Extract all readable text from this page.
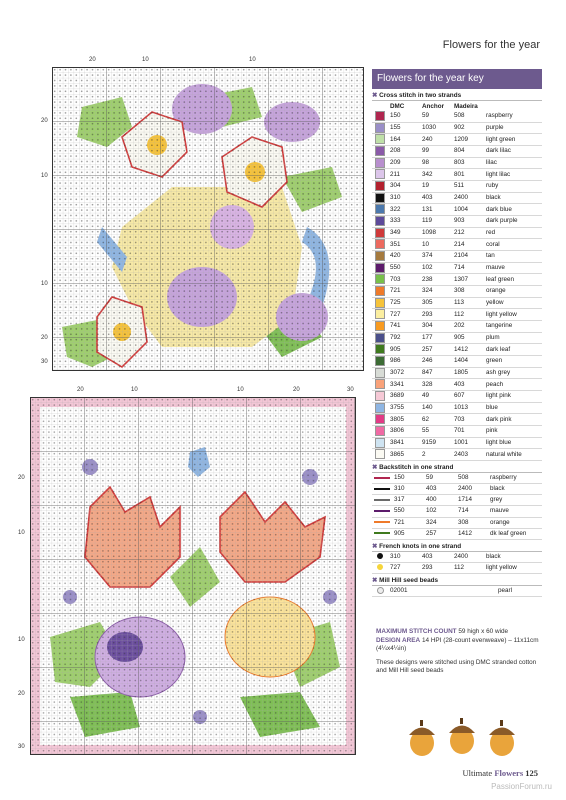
Flowers for the year
20	10	10
20
10
10
20
30
20	10	10	20	30
20
10
10
20
30
Flowers for the year key
✖ Cross stitch in two strands
	DMC	Anchor	Madeira	
	150	59	508	raspberry
	155	1030	902	purple
	164	240	1209	light green
	208	99	804	dark lilac
	209	98	803	lilac
	211	342	801	light lilac
	304	19	511	ruby
	310	403	2400	black
	322	131	1004	dark blue
	333	119	903	dark purple
	349	1098	212	red
	351	10	214	coral
	420	374	2104	tan
	550	102	714	mauve
	703	238	1307	leaf green
	721	324	308	orange
	725	305	113	yellow
	727	293	112	light yellow
	741	304	202	tangerine
	792	177	905	plum
	905	257	1412	dark leaf
	986	246	1404	green
	3072	847	1805	ash grey
	3341	328	403	peach
	3689	49	607	light pink
	3755	140	1013	blue
	3805	62	703	dark pink
	3806	55	701	pink
	3841	9159	1001	light blue
	3865	2	2403	natural white
✖ Backstitch in one strand
	150	59	508	raspberry
	310	403	2400	black
	317	400	1714	grey
	550	102	714	mauve
	721	324	308	orange
	905	257	1412	dk leaf green
✖ French knots in one strand
	310	403	2400	black
	727	293	112	light yellow
✖ Mill Hill seed beads
	02001			pearl
MAXIMUM STITCH COUNT 59 high x 60 wide
DESIGN AREA 14 HPI (28-count evenweave) – 11x11cm (4¼x4¼in)
These designs were stitched using DMC stranded cotton and Mill Hill seed beads
Ultimate Flowers 125
PassionForum.ru
